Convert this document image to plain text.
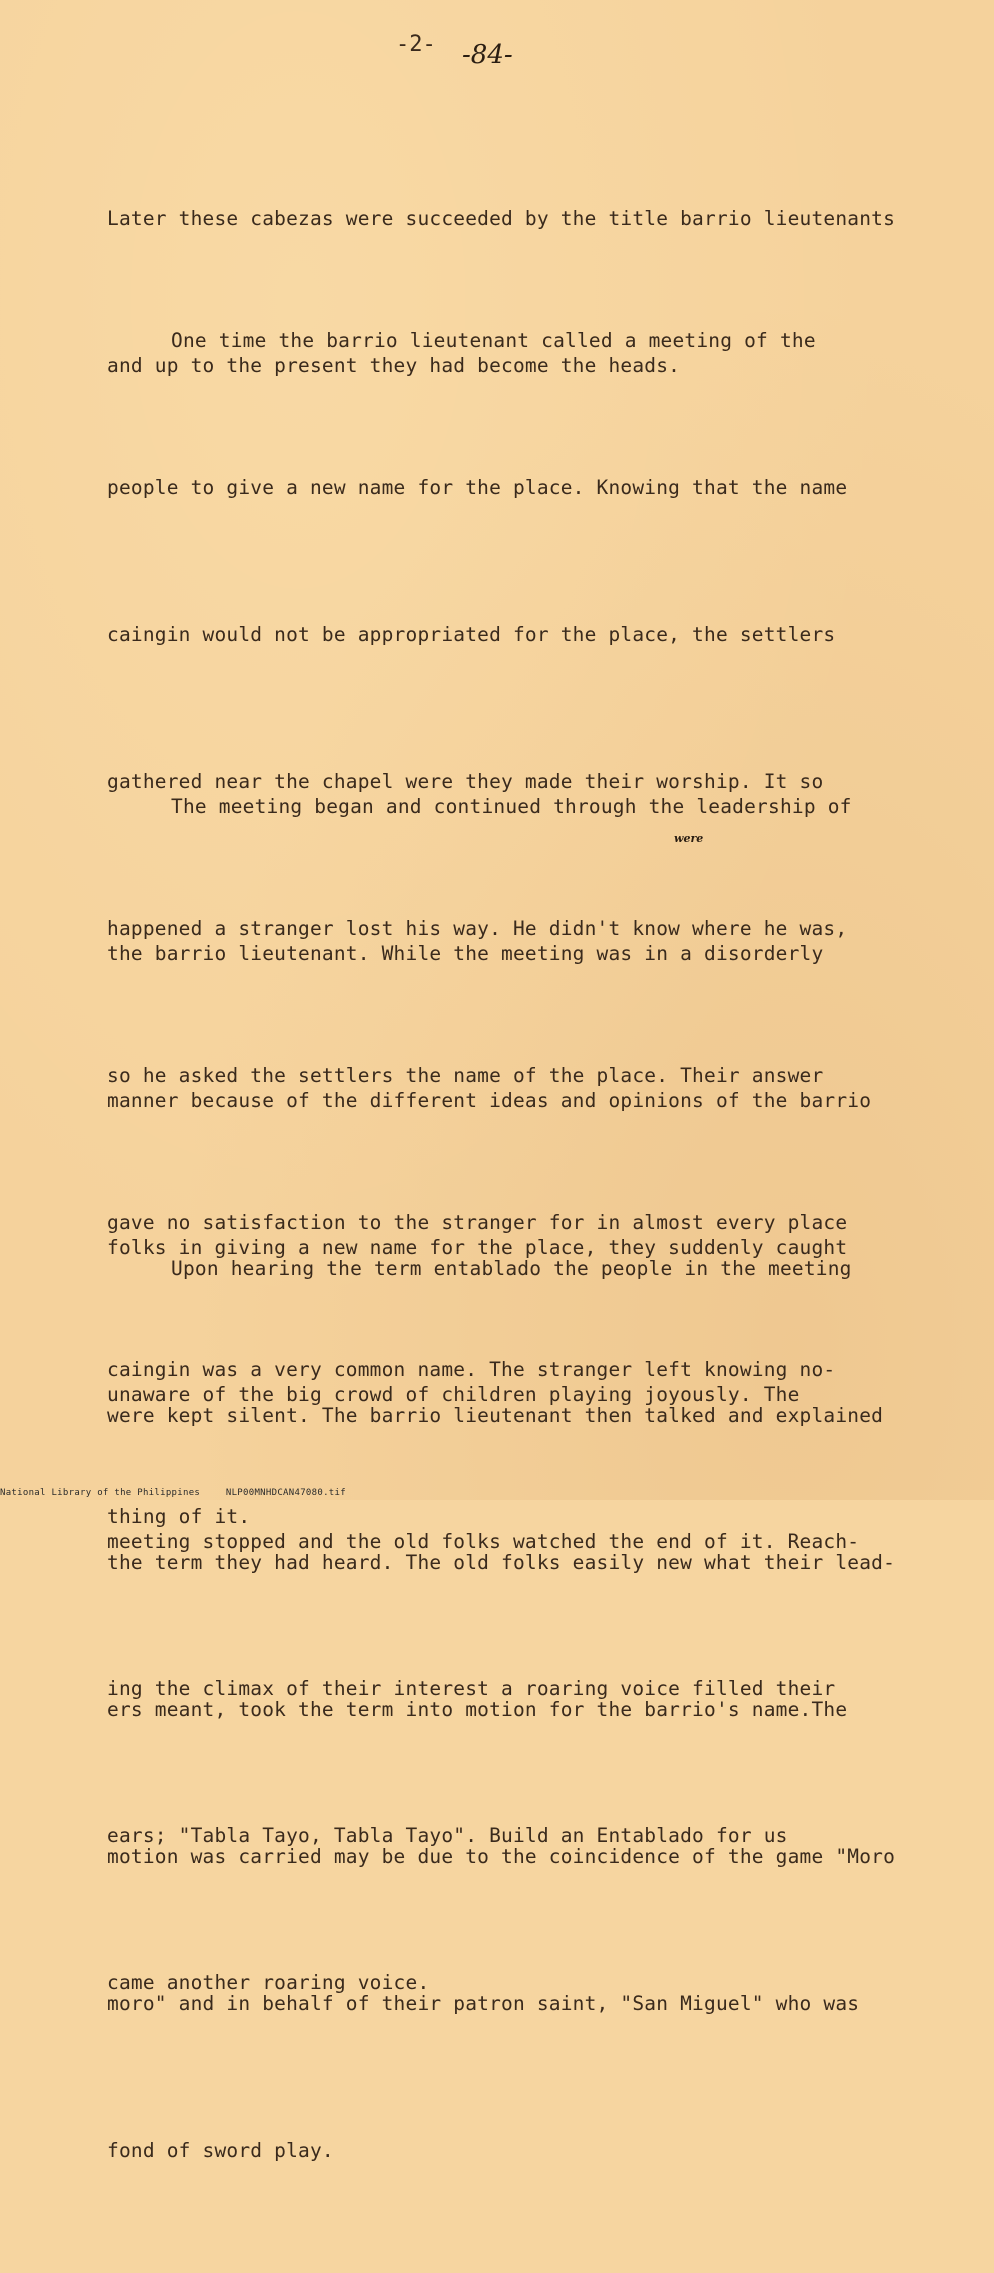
-2- -84-

Later these cabezas were succeeded by the title barrio lieutenants

and up to the present they had become the heads.

One time the barrio lieutenant called a meeting of the

people to give a new name for the place. Knowing that the name

caingin would not be appropriated for the place, the settlers

gathered near the chapel were they made their worship. It so

happened a stranger lost his way. He didn't know where he was,

so he asked the settlers the name of the place. Their answer

gave no satisfaction to the stranger for in almost every place

caingin was a very common name. The stranger left knowing no-

thing of it.

The meeting began and continued through the leadership of

the barrio lieutenant. While the meeting was in a disorderly

manner because of the different ideas and opinions of the barrio

folks in giving a new name for the place, they suddenly caught

unaware of the big crowd of children playing joyously. The

meeting stopped and the old folks watched the end of it. Reach-

ing the climax of their interest a roaring voice filled their

ears; "Tabla Tayo, Tabla Tayo". Build an Entablado for us

came another roaring voice.

were

Upon hearing the term entablado the people in the meeting

were kept silent. The barrio lieutenant then talked and explained

the term they had heard. The old folks easily new what their lead-

ers meant, took the term into motion for the barrio's name.The

motion was carried may be due to the coincidence of the game "Moro

moro" and in behalf of their patron saint, "San Miguel" who was

fond of sword play.

National Library of the Philippines	NLP00MNHDCAN47080.tif
